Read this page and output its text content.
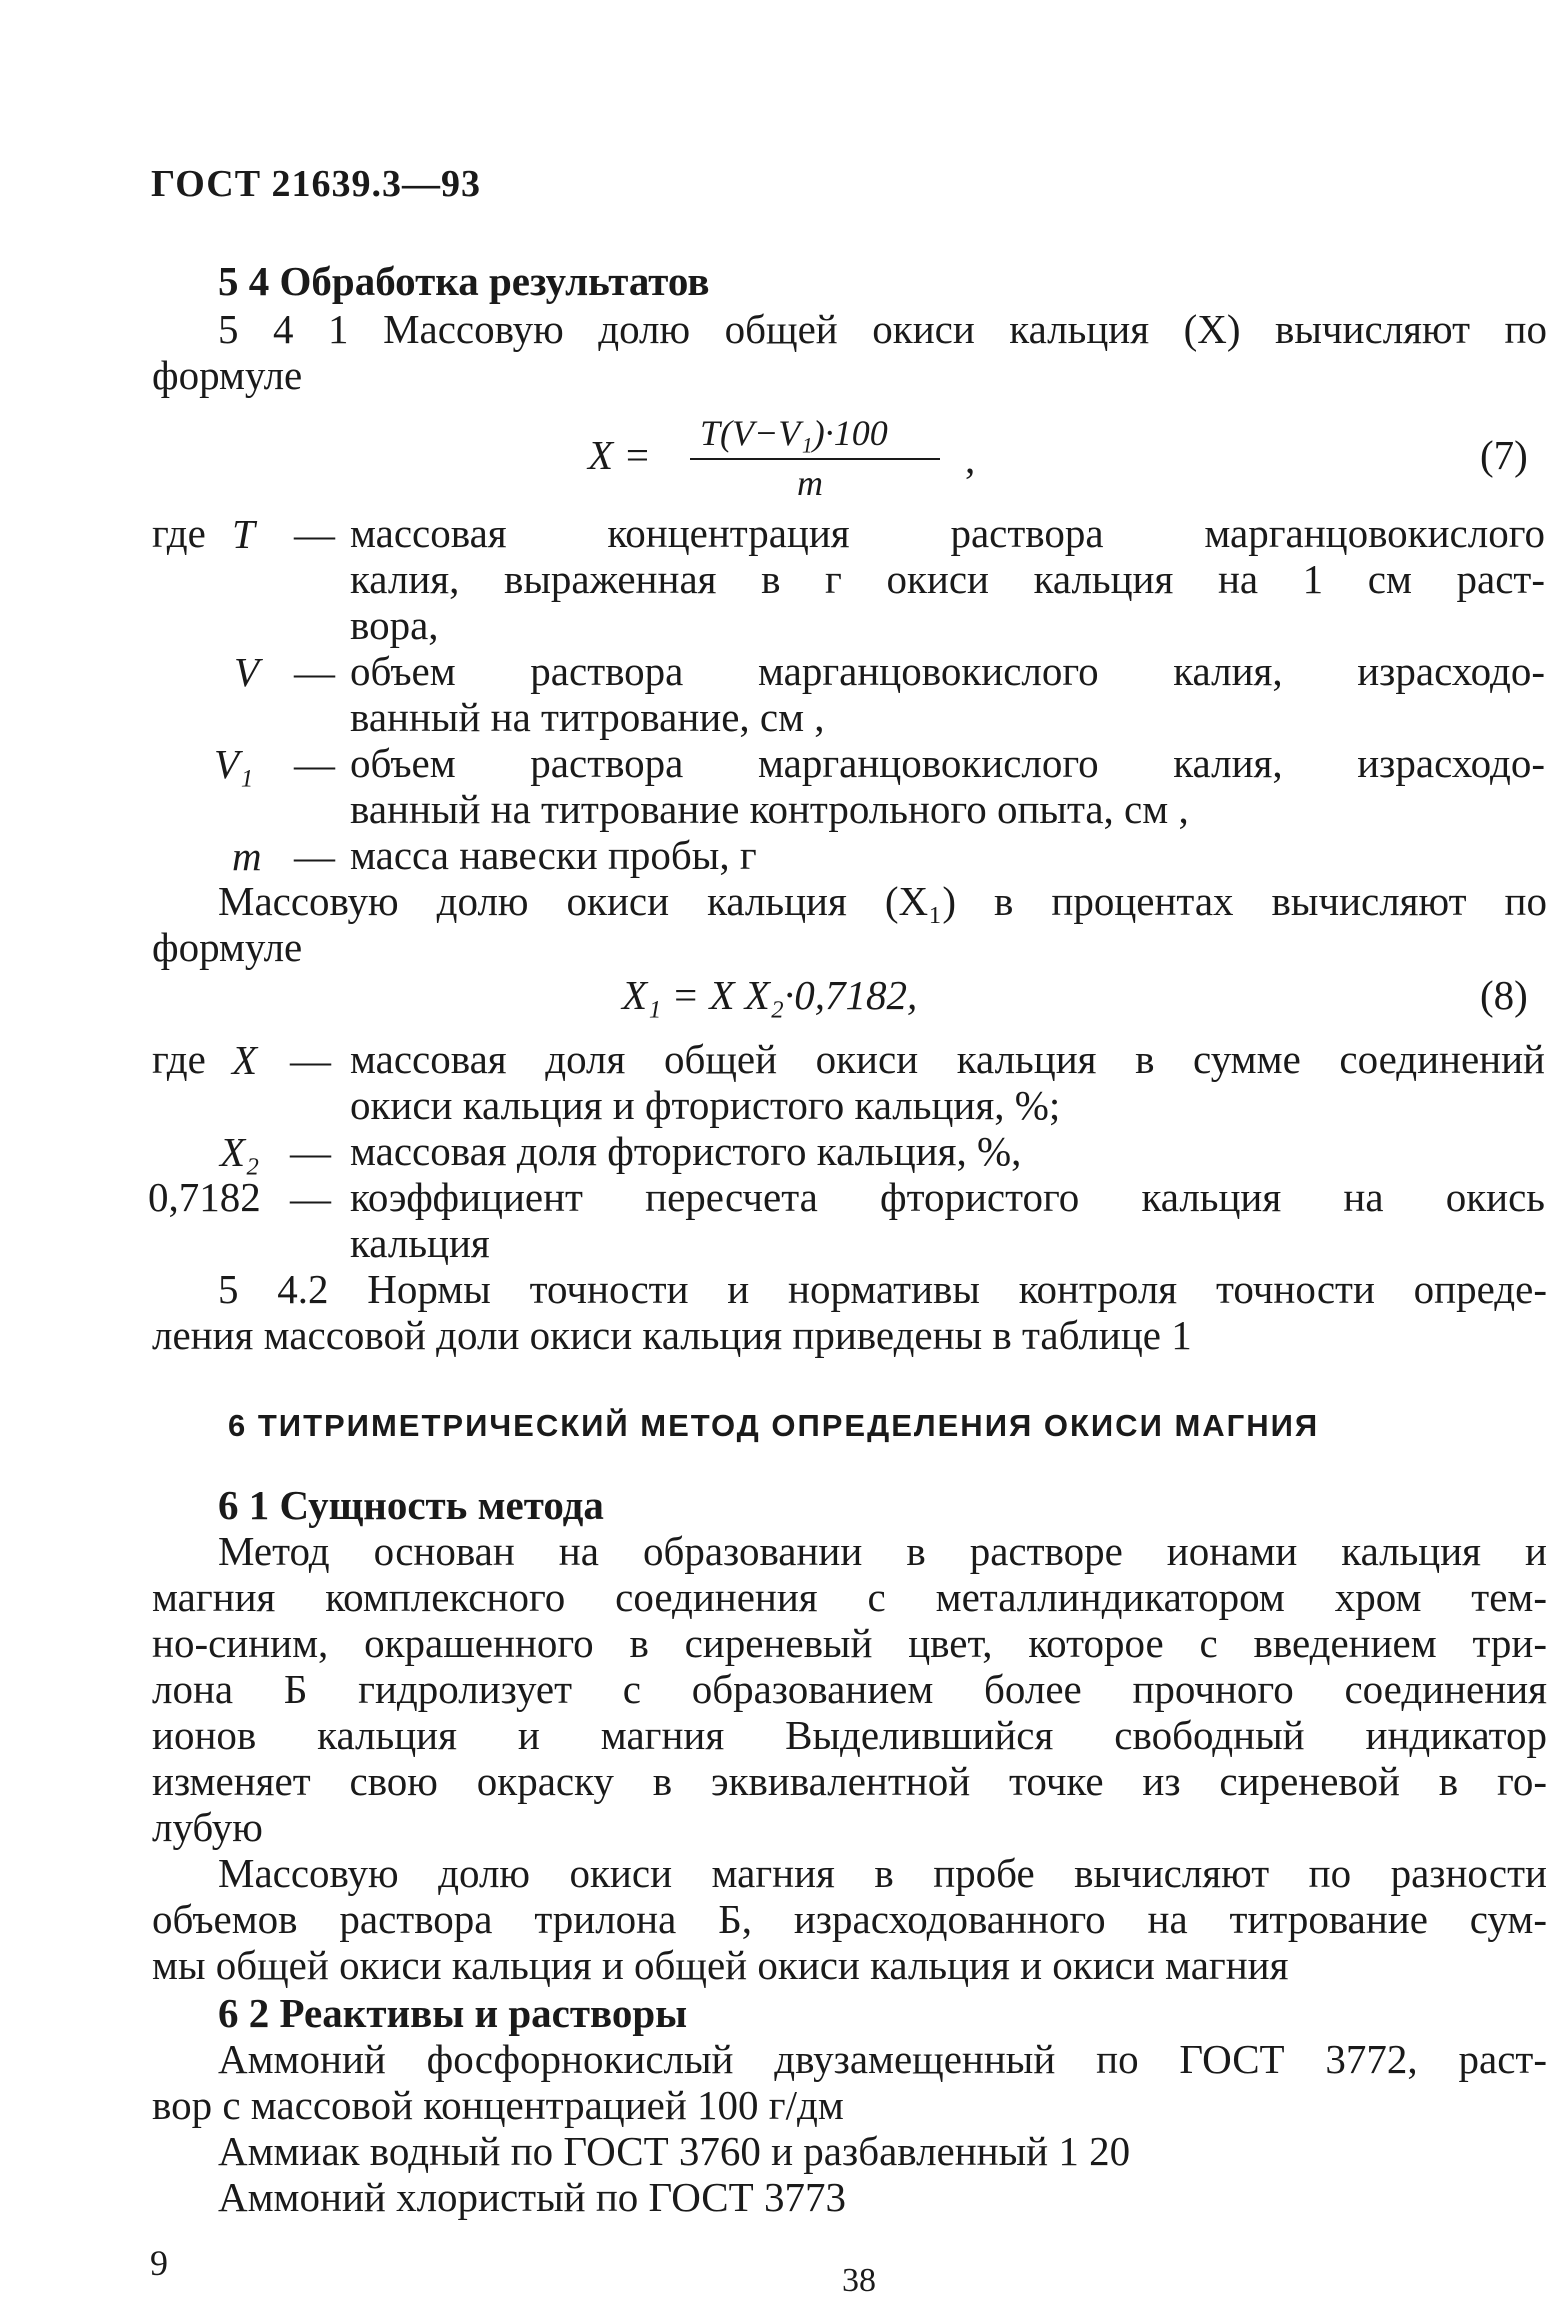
ГОСТ 21639.3—93
5 4 Обработка результатов
5 4 1 Массовую долю общей окиси кальция (X) вычисляют по
формуле
X = T(V−V₁)·100
m
,	(7)
где T — массовая концентрация раствора марганцовокислого
калия, выраженная в г окиси кальция на 1 см раст-
вора,
V — объем раствора марганцовокислого калия, израсходо-
ванный на титрование, см ,
V₁ — объем раствора марганцовокислого калия, израсходо-
ванный на титрование контрольного опыта, см ,
m — масса навески пробы, г
Массовую долю окиси кальция (X₁) в процентах вычисляют по
формуле
X₁ = X X₂·0,7182,	(8)
где X — массовая доля общей окиси кальция в сумме соединений
окиси кальция и фтористого кальция, %;
X₂ — массовая доля фтористого кальция, %,
0,7182 — коэффициент пересчета фтористого кальция на окись
кальция
5 4.2 Нормы точности и нормативы контроля точности опреде-
ления массовой доли окиси кальция приведены в таблице 1
6 ТИТРИМЕТРИЧЕСКИЙ МЕТОД ОПРЕДЕЛЕНИЯ ОКИСИ МАГНИЯ
6 1 Сущность метода
Метод основан на образовании в растворе ионами кальция и
магния комплексного соединения с металлиндикатором хром тем-
но-синим, окрашенного в сиреневый цвет, которое с введением три-
лона Б гидролизует с образованием более прочного соединения
ионов кальция и магния Выделившийся свободный индикатор
изменяет свою окраску в эквивалентной точке из сиреневой в го-
лубую
Массовую долю окиси магния в пробе вычисляют по разности
объемов раствора трилона Б, израсходованного на титрование сум-
мы общей окиси кальция и общей окиси кальция и окиси магния
6 2 Реактивы и растворы
Аммоний фосфорнокислый двузамещенный по ГОСТ 3772, раст-
вор с массовой концентрацией 100 г/дм
Аммиак водный по ГОСТ 3760 и разбавленный 1 20
Аммоний хлористый по ГОСТ 3773
9	38
